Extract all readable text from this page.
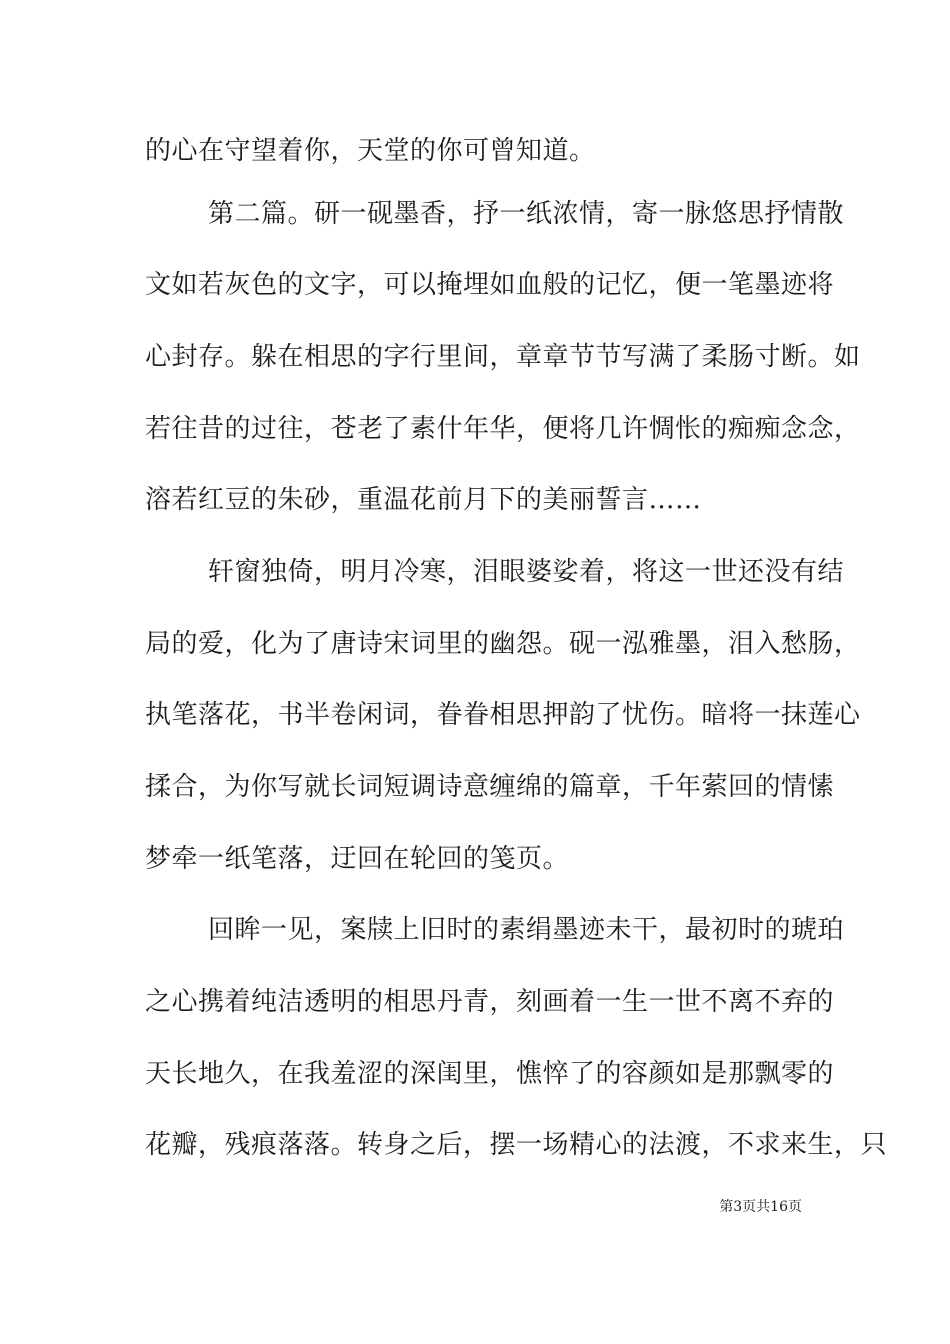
的心在守望着你，天堂的你可曾知道。
第二篇。研一砚墨香，抒一纸浓情，寄一脉悠思抒情散
文如若灰色的文字，可以掩埋如血般的记忆，便一笔墨迹将
心封存。躲在相思的字行里间，章章节节写满了柔肠寸断。如
若往昔的过往，苍老了素什年华，便将几许惆怅的痴痴念念，
溶若红豆的朱砂，重温花前月下的美丽誓言……
轩窗独倚，明月冷寒，泪眼婆娑着，将这一世还没有结
局的爱，化为了唐诗宋词里的幽怨。砚一泓雅墨，泪入愁肠，
执笔落花，书半卷闲词，眷眷相思押韵了忧伤。暗将一抹莲心
揉合，为你写就长词短调诗意缠绵的篇章，千年萦回的情愫
梦牵一纸笔落，迂回在轮回的笺页。
回眸一见，案牍上旧时的素绢墨迹未干，最初时的琥珀
之心携着纯洁透明的相思丹青，刻画着一生一世不离不弃的
天长地久，在我羞涩的深闺里，憔悴了的容颜如是那飘零的
花瓣，残痕落落。转身之后，摆一场精心的法渡，不求来生，只
第3页共16页
